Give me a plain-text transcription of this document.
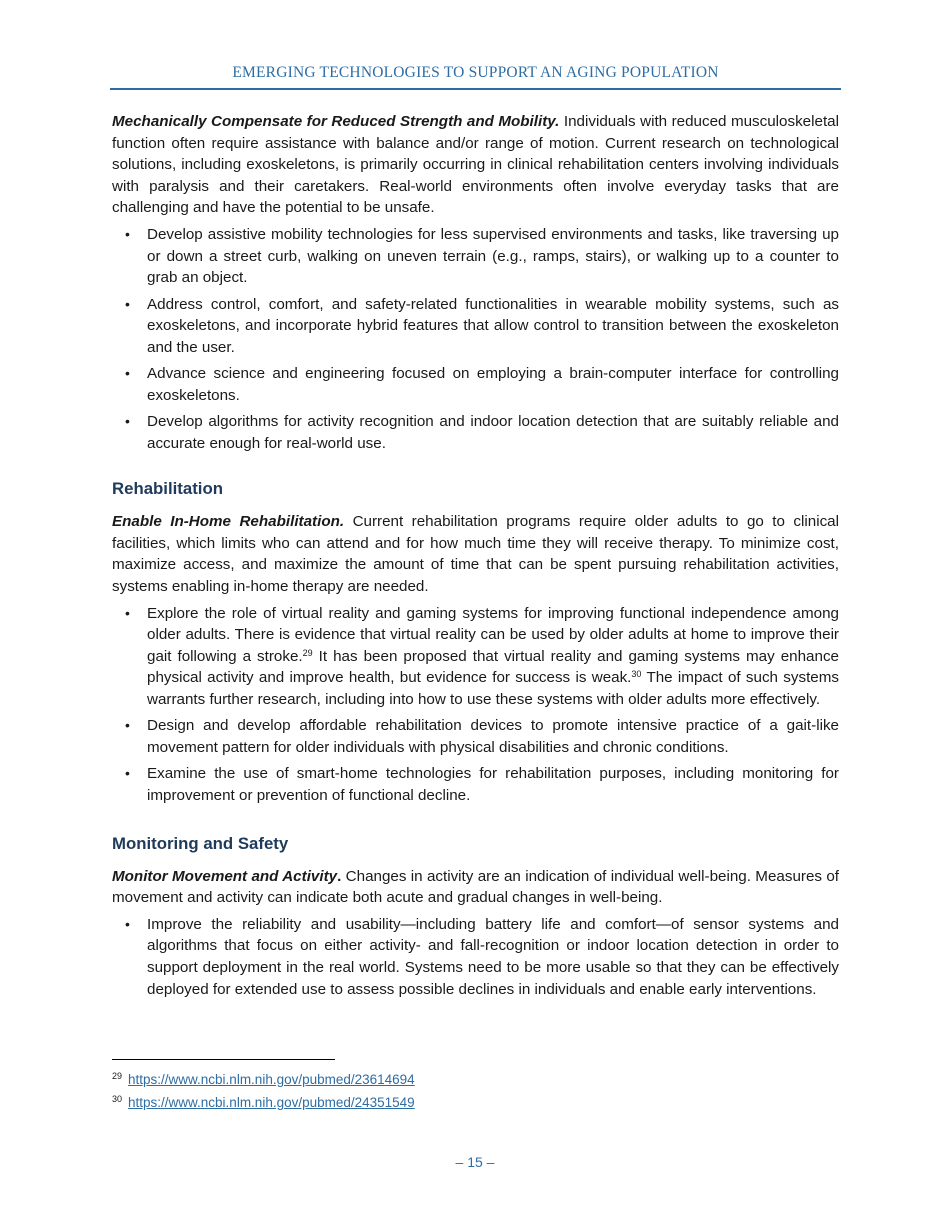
EMERGING TECHNOLOGIES TO SUPPORT AN AGING POPULATION

Mechanically Compensate for Reduced Strength and Mobility. Individuals with reduced musculoskeletal function often require assistance with balance and/or range of motion. Current research on technological solutions, including exoskeletons, is primarily occurring in clinical rehabilitation centers involving individuals with paralysis and their caretakers. Real-world environments often involve everyday tasks that are challenging and have the potential to be unsafe.

• Develop assistive mobility technologies for less supervised environments and tasks, like traversing up or down a street curb, walking on uneven terrain (e.g., ramps, stairs), or walking up to a counter to grab an object.
• Address control, comfort, and safety-related functionalities in wearable mobility systems, such as exoskeletons, and incorporate hybrid features that allow control to transition between the exoskeleton and the user.
• Advance science and engineering focused on employing a brain-computer interface for controlling exoskeletons.
• Develop algorithms for activity recognition and indoor location detection that are suitably reliable and accurate enough for real-world use.
Rehabilitation

Enable In-Home Rehabilitation. Current rehabilitation programs require older adults to go to clinical facilities, which limits who can attend and for how much time they will receive therapy. To minimize cost, maximize access, and maximize the amount of time that can be spent pursuing rehabilitation activities, systems enabling in-home therapy are needed.

• Explore the role of virtual reality and gaming systems for improving functional independence among older adults. There is evidence that virtual reality can be used by older adults at home to improve their gait following a stroke.$^{29}$ It has been proposed that virtual reality and gaming systems may enhance physical activity and improve health, but evidence for success is weak.$^{30}$ The impact of such systems warrants further research, including into how to use these systems with older adults more effectively.
• Design and develop affordable rehabilitation devices to promote intensive practice of a gait-like movement pattern for older individuals with physical disabilities and chronic conditions.
• Examine the use of smart-home technologies for rehabilitation purposes, including monitoring for improvement or prevention of functional decline.
Monitoring and Safety

Monitor Movement and Activity. Changes in activity are an indication of individual well-being. Measures of movement and activity can indicate both acute and gradual changes in well-being.

• Improve the reliability and usability—including battery life and comfort—of sensor systems and algorithms that focus on either activity- and fall-recognition or indoor location detection in order to support deployment in the real world. Systems need to be more usable so that they can be effectively deployed for extended use to assess possible declines in individuals and enable early interventions.
$^{29}$ https://www.ncbi.nlm.nih.gov/pubmed/23614694
$^{30}$ https://www.ncbi.nlm.nih.gov/pubmed/24351549
– 15 –
